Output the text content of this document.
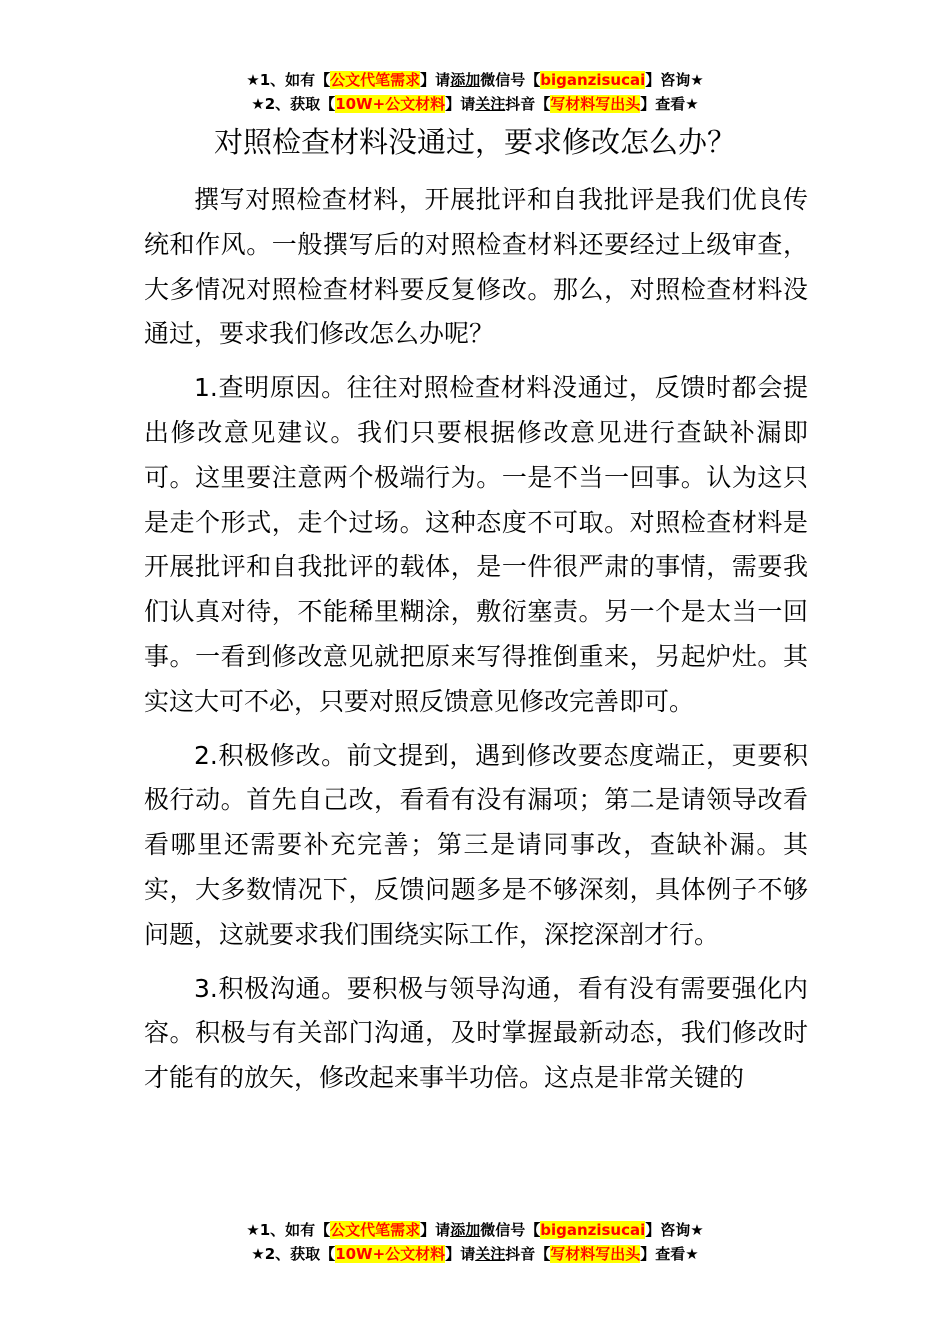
★1、如有【公文代笔需求】请添加微信号【biganzisucai】咨询★
★2、获取【10W+公文材料】请关注抖音【写材料写出头】查看★
对照检查材料没通过，要求修改怎么办？

撰写对照检查材料，开展批评和自我批评是我们优良传统和作风。一般撰写后的对照检查材料还要经过上级审查，大多情况对照检查材料要反复修改。那么，对照检查材料没通过，要求我们修改怎么办呢？

1.查明原因。往往对照检查材料没通过，反馈时都会提出修改意见建议。我们只要根据修改意见进行查缺补漏即可。这里要注意两个极端行为。一是不当一回事。认为这只是走个形式，走个过场。这种态度不可取。对照检查材料是开展批评和自我批评的载体，是一件很严肃的事情，需要我们认真对待，不能稀里糊涂，敷衍塞责。另一个是太当一回事。一看到修改意见就把原来写得推倒重来，另起炉灶。其实这大可不必，只要对照反馈意见修改完善即可。

2.积极修改。前文提到，遇到修改要态度端正，更要积极行动。首先自己改，看看有没有漏项；第二是请领导改看看哪里还需要补充完善；第三是请同事改，查缺补漏。其实，大多数情况下，反馈问题多是不够深刻，具体例子不够问题，这就要求我们围绕实际工作，深挖深剖才行。

3.积极沟通。要积极与领导沟通，看有没有需要强化内容。积极与有关部门沟通，及时掌握最新动态，我们修改时才能有的放矢，修改起来事半功倍。这点是非常关键的

★1、如有【公文代笔需求】请添加微信号【biganzisucai】咨询★
★2、获取【10W+公文材料】请关注抖音【写材料写出头】查看★
